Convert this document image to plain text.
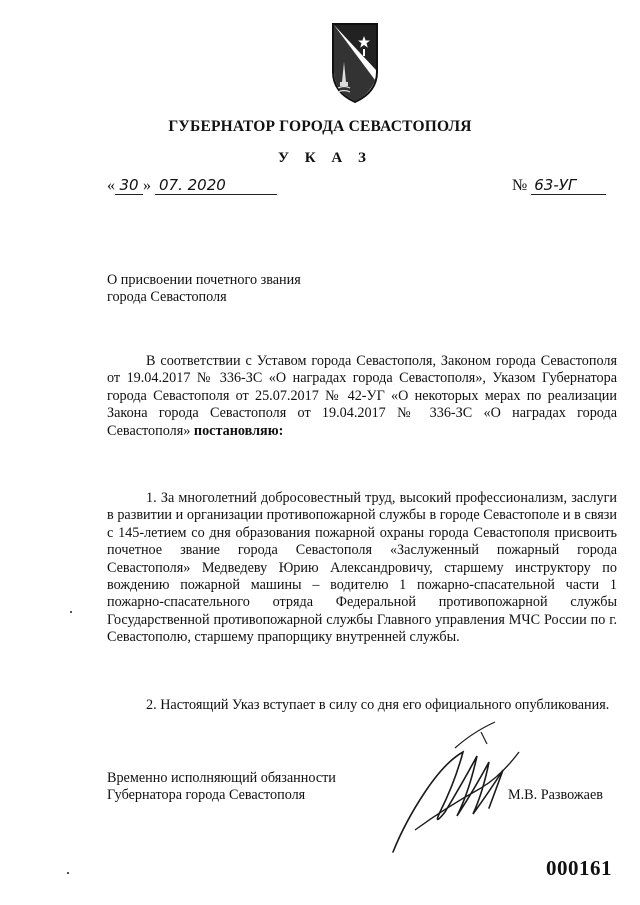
ГУБЕРНАТОР ГОРОДА СЕВАСТОПОЛЯ
У К А З
« 30 » 07. 2020	№ 63-УГ
О присвоении почетного звания
города Севастополя

В соответствии с Уставом города Севастополя, Законом города Севастополя от 19.04.2017 № 336-ЗС «О наградах города Севастополя», Указом Губернатора города Севастополя от 25.07.2017 № 42-УГ «О некоторых мерах по реализации Закона города Севастополя от 19.04.2017 № 336-ЗС «О наградах города Севастополя» постановляю:

1. За многолетний добросовестный труд, высокий профессионализм, заслуги в развитии и организации противопожарной службы в городе Севастополе и в связи с 145-летием со дня образования пожарной охраны города Севастополя присвоить почетное звание города Севастополя «Заслуженный пожарный города Севастополя» Медведеву Юрию Александровичу, старшему инструктору по вождению пожарной машины – водителю 1 пожарно-спасательной части 1 пожарно-спасательного отряда Федеральной противопожарной службы Государственной противопожарной службы Главного управления МЧС России по г. Севастополю, старшему прапорщику внутренней службы.

2. Настоящий Указ вступает в силу со дня его официального опубликования.

Временно исполняющий обязанности
Губернатора города Севастополя	М.В. Развожаев
000161
